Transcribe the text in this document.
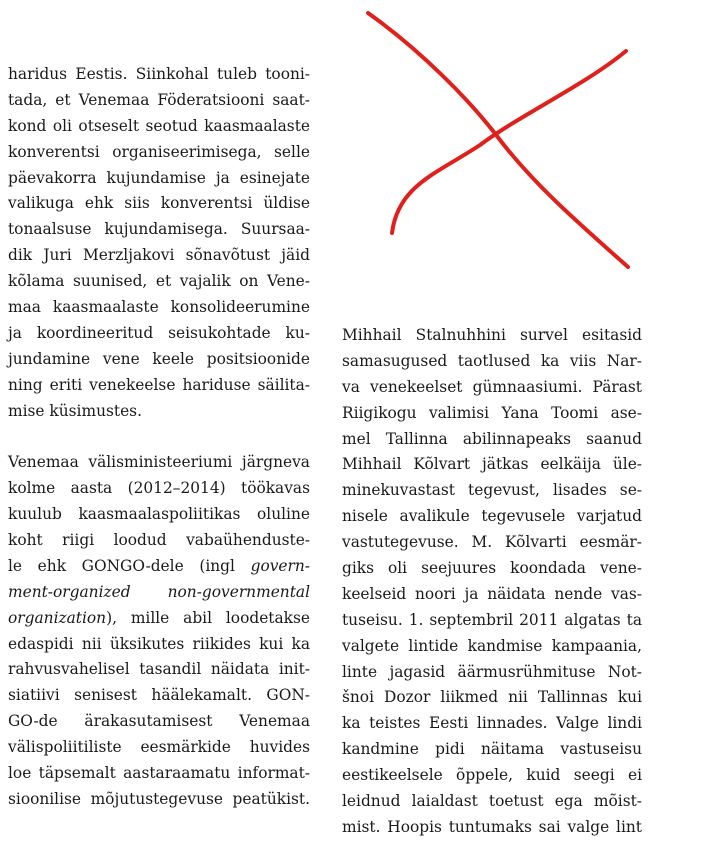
haridus Eestis. Siinkohal tuleb tooni-
tada, et Venemaa Föderatsiooni saat-
kond oli otseselt seotud kaasmaalaste
konverentsi organiseerimisega, selle
päevakorra kujundamise ja esinejate
valikuga ehk siis konverentsi üldise
tonaalsuse kujundamisega. Suursaa-
dik Juri Merzljakovi sõnavõtust jäid
kõlama suunised, et vajalik on Vene-
maa kaasmaalaste konsolideerumine
ja koordineeritud seisukohtade ku-
jundamine vene keele positsioonide
ning eriti venekeelse hariduse säilita-
mise küsimustes.
Venemaa välisministeeriumi järgneva
kolme aasta (2012–2014) töökavas
kuulub kaasmaalaspoliitikas oluline
koht riigi loodud vabaühenduste-
le ehk GONGO-dele (ingl govern-
ment-organized non-governmental
organization), mille abil loodetakse
edaspidi nii üksikutes riikides kui ka
rahvusvahelisel tasandil näidata init-
siatiivi senisest häälekamalt. GON-
GO-de ärakasutamisest Venemaa
välispoliitiliste eesmärkide huvides
loe täpsemalt aastaraamatu informat-
sioonilise mõjutustegevuse peatükist.
Mihhail Stalnuhhini survel esitasid
samasugused taotlused ka viis Nar-
va venekeelset gümnaasiumi. Pärast
Riigikogu valimisi Yana Toomi ase-
mel Tallinna abilinnapeaks saanud
Mihhail Kõlvart jätkas eelkäija üle-
minekuvastast tegevust, lisades se-
nisele avalikule tegevusele varjatud
vastutegevuse. M. Kõlvarti eesmär-
giks oli seejuures koondada vene-
keelseid noori ja näidata nende vas-
tuseisu. 1. septembril 2011 algatas ta
valgete lintide kandmise kampaania,
linte jagasid äärmusrühmituse Not-
šnoi Dozor liikmed nii Tallinnas kui
ka teistes Eesti linnades. Valge lindi
kandmine pidi näitama vastuseisu
eestikeelsele õppele, kuid seegi ei
leidnud laialdast toetust ega mõist-
mist. Hoopis tuntumaks sai valge lint
